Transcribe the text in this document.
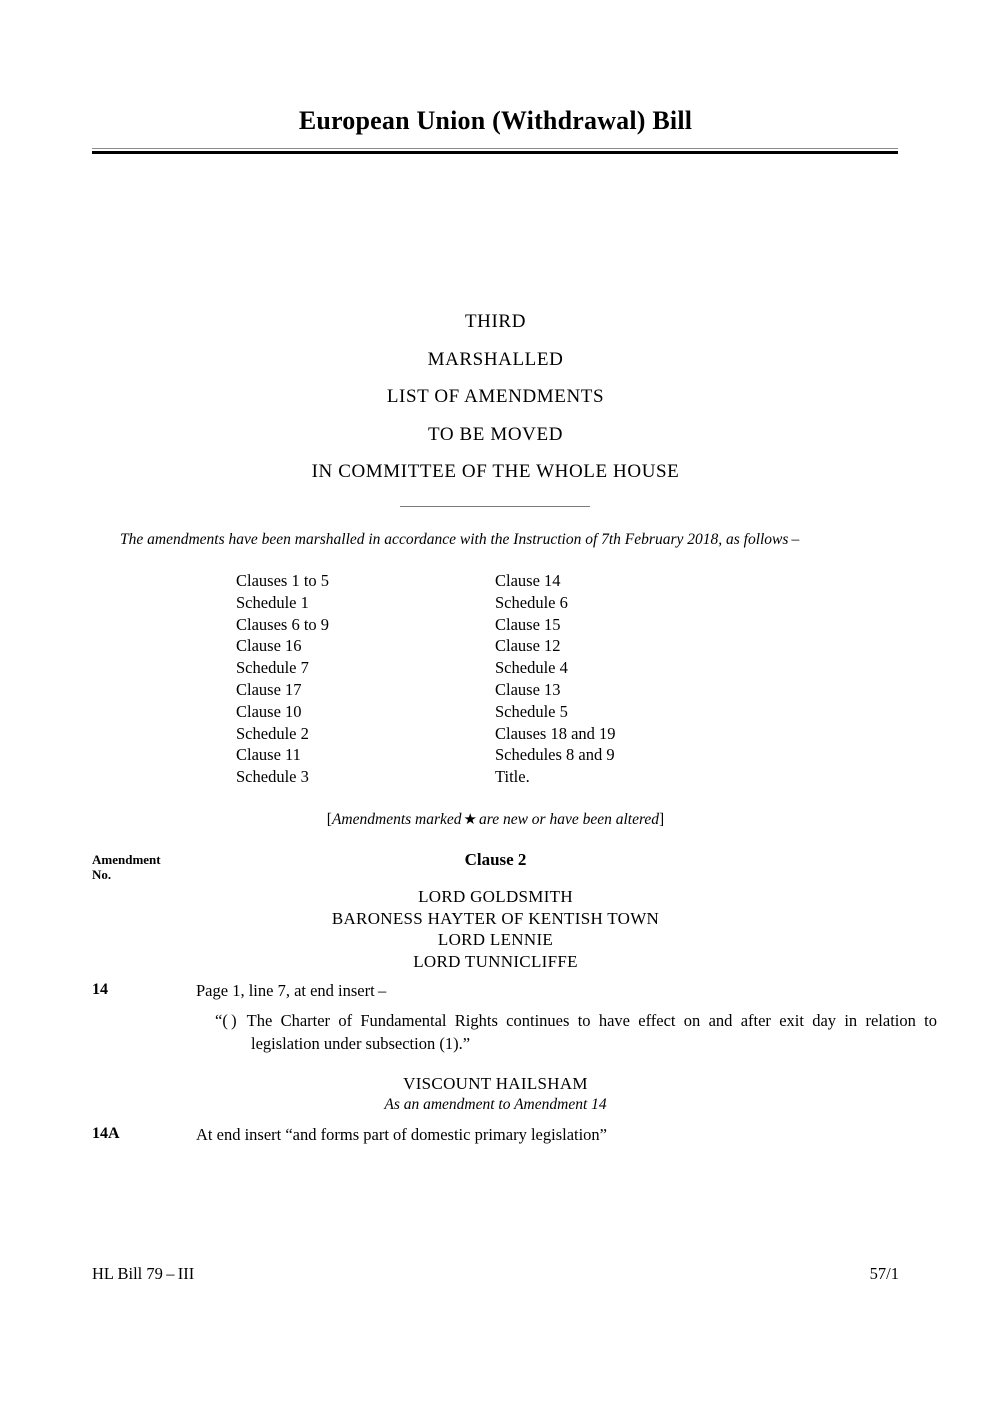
European Union (Withdrawal) Bill
THIRD
MARSHALLED
LIST OF AMENDMENTS
TO BE MOVED
IN COMMITTEE OF THE WHOLE HOUSE
The amendments have been marshalled in accordance with the Instruction of 7th February 2018, as follows –
Clauses 1 to 5
Schedule 1
Clauses 6 to 9
Clause 16
Schedule 7
Clause 17
Clause 10
Schedule 2
Clause 11
Schedule 3
Clause 14
Schedule 6
Clause 15
Clause 12
Schedule 4
Clause 13
Schedule 5
Clauses 18 and 19
Schedules 8 and 9
Title.
[Amendments marked ★ are new or have been altered]
Amendment
No.
Clause 2
LORD GOLDSMITH
BARONESS HAYTER OF KENTISH TOWN
LORD LENNIE
LORD TUNNICLIFFE
14	Page 1, line 7, at end insert –
“( ) The Charter of Fundamental Rights continues to have effect on and after exit day in relation to legislation under subsection (1).”
VISCOUNT HAILSHAM
As an amendment to Amendment 14
14A	At end insert “and forms part of domestic primary legislation”
HL Bill 79 – III	57/1
